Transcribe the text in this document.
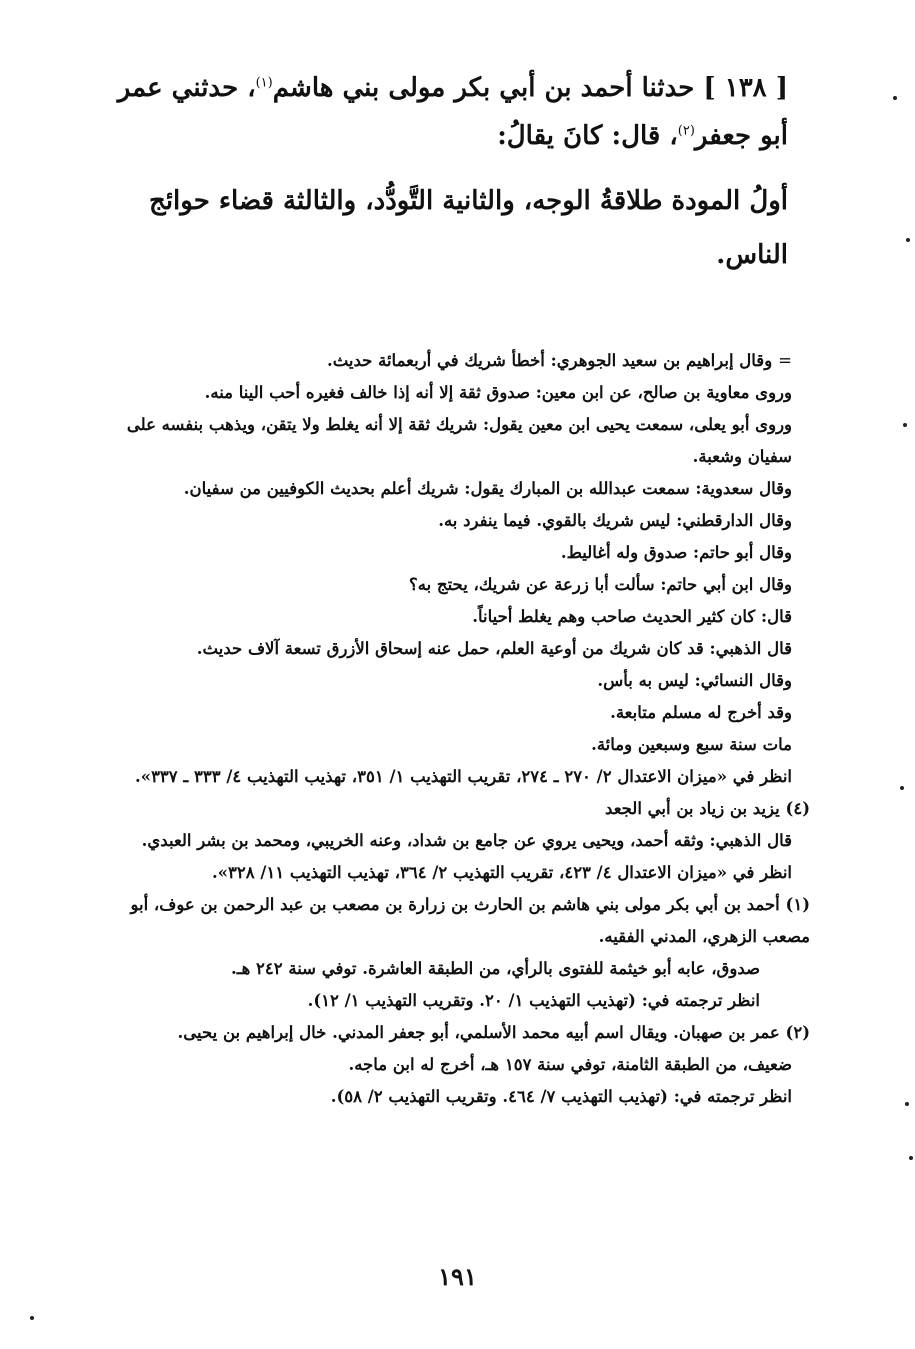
[ ١٣٨ ] حدثنا أحمد بن أبي بكر مولى بني هاشم$^{(١)}$، حدثني عمر أبو جعفر$^{(٢)}$، قال: كانَ يقالُ:

أولُ المودة طلاقةُ الوجه، والثانية التَّودُّد، والثالثة قضاء حوائج الناس.

=وقال إبراهيم بن سعيد الجوهري: أخطأ شريك في أربعمائة حديث.

وروى معاوية بن صالح، عن ابن معين: صدوق ثقة إلا أنه إذا خالف فغيره أحب الينا منه.

وروى أبو يعلى، سمعت يحيى ابن معين يقول: شريك ثقة إلا أنه يغلط ولا يتقن، ويذهب بنفسه على سفيان وشعبة.

وقال سعدوية: سمعت عبدالله بن المبارك يقول: شريك أعلم بحديث الكوفيين من سفيان.

وقال الدارقطني: ليس شريك بالقوي. فيما ينفرد به.

وقال أبو حاتم: صدوق وله أغاليط.

وقال ابن أبي حاتم: سألت أبا زرعة عن شريك، يحتج به؟

قال: كان كثير الحديث صاحب وهم يغلط أحياناً.

قال الذهبي: قد كان شريك من أوعية العلم، حمل عنه إسحاق الأزرق تسعة آلاف حديث.

وقال النسائي: ليس به بأس.

وقد أخرج له مسلم متابعة.

مات سنة سبع وسبعين ومائة.

انظر في «ميزان الاعتدال ٢/ ٢٧٠ ـ ٢٧٤، تقريب التهذيب ١/ ٣٥١، تهذيب التهذيب ٤/ ٣٣٣ ـ ٣٣٧».

(٤) يزيد بن زياد بن أبي الجعد

قال الذهبي: وثقه أحمد، ويحيى يروي عن جامع بن شداد، وعنه الخريبي، ومحمد بن بشر العبدي.

انظر في «ميزان الاعتدال ٤/ ٤٢٣، تقريب التهذيب ٢/ ٣٦٤، تهذيب التهذيب ١١/ ٣٢٨».

(١) أحمد بن أبي بكر مولى بني هاشم بن الحارث بن زرارة بن مصعب بن عبد الرحمن بن عوف، أبو مصعب الزهري، المدني الفقيه.

صدوق، عابه أبو خيثمة للفتوى بالرأي، من الطبقة العاشرة. توفي سنة ٢٤٢ هـ.

انظر ترجمته في: (تهذيب التهذيب ١/ ٢٠. وتقريب التهذيب ١/ ١٢).

(٢) عمر بن صهبان. ويقال اسم أبيه محمد الأسلمي، أبو جعفر المدني. خال إبراهيم بن يحيى.

ضعيف، من الطبقة الثامنة، توفي سنة ١٥٧ هـ، أخرج له ابن ماجه.

انظر ترجمته في: (تهذيب التهذيب ٧/ ٤٦٤. وتقريب التهذيب ٢/ ٥٨).

١٩١
